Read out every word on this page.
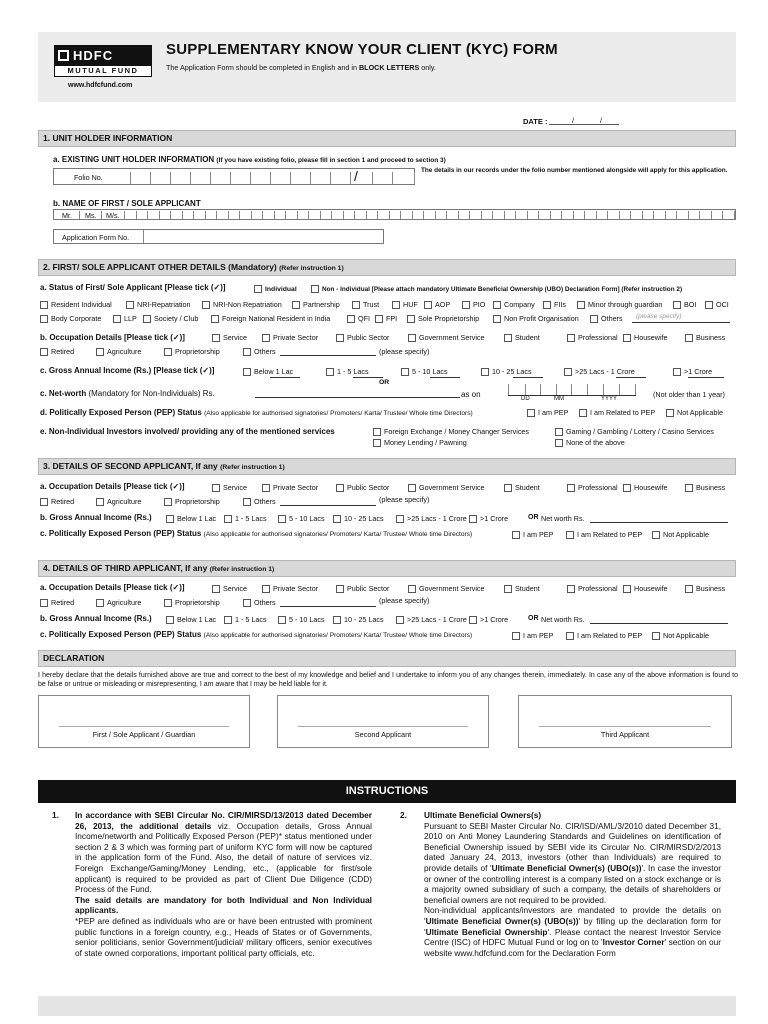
HDFC
MUTUAL FUND
www.hdfcfund.com
SUPPLEMENTARY KNOW YOUR CLIENT (KYC) FORM
The Application Form should be completed in English and in BLOCK LETTERS only.
DATE :	/	/
1. UNIT HOLDER INFORMATION
a. EXISTING UNIT HOLDER INFORMATION (If you have existing folio, please fill in section 1 and proceed to section 3)
Folio No.	/	The details in our records under the folio number mentioned alongside will apply for this application.
b. NAME OF FIRST / SOLE APPLICANT
Mr. Ms. M/s.
Application Form No.
2. FIRST/ SOLE APPLICANT OTHER DETAILS (Mandatory) (Refer instruction 1)
a. Status of First/ Sole Applicant [Please tick (✓)]	Individual	Non - Individual [Please attach mandatory Ultimate Beneficial Ownership (UBO) Declaration Form] (Refer instruction 2)
Resident Individual	NRI-Repatriation	NRI-Non Repatriation	Partnership	Trust	HUF	AOP	PIO	Company	FIIs	Minor through guardian	BOI	OCI
Body Corporate	LLP	Society / Club	Foreign National Resident in India	QFI	FPI	Sole Proprietorship	Non Profit Organisation	Others (please specify)
b. Occupation Details [Please tick (✓)]	Service	Private Sector	Public Sector	Government Service	Student	Professional	Housewife	Business
Retired	Agriculture	Proprietorship	Others	(please specify)
c. Gross Annual Income (Rs.) [Please tick (✓)]	Below 1 Lac	1 - 5 Lacs	5 - 10 Lacs	10 - 25 Lacs	>25 Lacs - 1 Crore	>1 Crore
OR
c. Net-worth (Mandatory for Non-Individuals) Rs.	as on	DD	MM	YYYY	(Not older than 1 year)
d. Politically Exposed Person (PEP) Status (Also applicable for authorised signatories/ Promoters/ Karta/ Trustee/ Whole time Directors)	I am PEP	I am Related to PEP	Not Applicable
e. Non-Individual Investors involved/ providing any of the mentioned services	Foreign Exchange / Money Changer Services	Gaming / Gambling / Lottery / Casino Services
Money Lending / Pawning	None of the above
3. DETAILS OF SECOND APPLICANT, If any (Refer instruction 1)
a. Occupation Details [Please tick (✓)]	Service	Private Sector	Public Sector	Government Service	Student	Professional	Housewife	Business
Retired	Agriculture	Proprietorship	Others	(please specify)
b. Gross Annual Income (Rs.)	Below 1 Lac	1 - 5 Lacs	5 - 10 Lacs	10 - 25 Lacs	>25 Lacs - 1 Crore	>1 Crore	OR Net worth Rs.
c. Politically Exposed Person (PEP) Status (Also applicable for authorised signatories/ Promoters/ Karta/ Trustee/ Whole time Directors)	I am PEP	I am Related to PEP	Not Applicable
4. DETAILS OF THIRD APPLICANT, If any (Refer instruction 1)
a. Occupation Details [Please tick (✓)]	Service	Private Sector	Public Sector	Government Service	Student	Professional	Housewife	Business
Retired	Agriculture	Proprietorship	Others	(please specify)
b. Gross Annual Income (Rs.)	Below 1 Lac	1 - 5 Lacs	5 - 10 Lacs	10 - 25 Lacs	>25 Lacs - 1 Crore	>1 Crore	OR Net worth Rs.
c. Politically Exposed Person (PEP) Status (Also applicable for authorised signatories/ Promoters/ Karta/ Trustee/ Whole time Directors)	I am PEP	I am Related to PEP	Not Applicable
DECLARATION
I hereby declare that the details furnished above are true and correct to the best of my knowledge and belief and I undertake to inform you of any changes therein, immediately. In case any of the above information is found to be false or untrue or misleading or misrepresenting, I am aware that I may be held liable for it.
First / Sole Applicant / Guardian	Second Applicant	Third Applicant
INSTRUCTIONS
1. In accordance with SEBI Circular No. CIR/MIRSD/13/2013 dated December 26, 2013, the additional details viz. Occupation details, Gross Annual Income/networth and Politically Exposed Person (PEP)* status mentioned under section 2 & 3 which was forming part of uniform KYC form will now be captured in the application form of the Fund. Also, the detail of nature of services viz. Foreign Exchange/Gaming/Money Lending, etc., (applicable for first/sole applicant) is required to be provided as part of Client Due Diligence (CDD) Process of the Fund.
The said details are mandatory for both Individual and Non Individual applicants.
*PEP are defined as individuals who are or have been entrusted with prominent public functions in a foreign country, e.g., Heads of States or of Governments, senior politicians, senior Government/judicial/ military officers, senior executives of state owned corporations, important political party officials, etc.
2. Ultimate Beneficial Owners(s)
Pursuant to SEBI Master Circular No. CIR/ISD/AML/3/2010 dated December 31, 2010 on Anti Money Laundering Standards and Guidelines on identification of Beneficial Ownership issued by SEBI vide its Circular No. CIR/MIRSD/2/2013 dated January 24, 2013, investors (other than Individuals) are required to provide details of 'Ultimate Beneficial Owner(s) (UBO(s))'. In case the investor or owner of the controlling interest is a company listed on a stock exchange or is a majority owned subsidiary of such a company, the details of shareholders or beneficial owners are not required to be provided.
Non-individual applicants/investors are mandated to provide the details on 'Ultimate Beneficial Owner(s) (UBO(s))' by filling up the declaration form for 'Ultimate Beneficial Ownership'. Please contact the nearest Investor Service Centre (ISC) of HDFC Mutual Fund or log on to 'Investor Corner' section on our website www.hdfcfund.com for the Declaration Form
